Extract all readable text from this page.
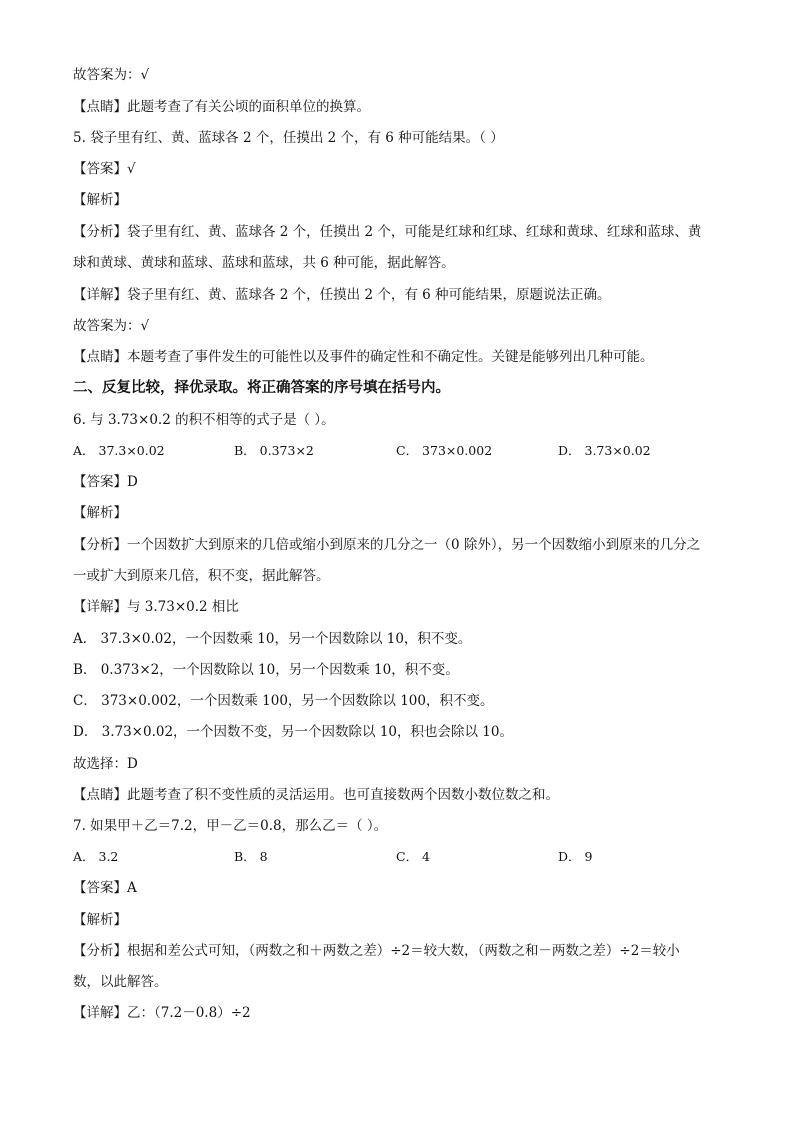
故答案为：√
【点睛】此题考查了有关公顷的面积单位的换算。
5. 袋子里有红、黄、蓝球各 2 个，任摸出 2 个，有 6 种可能结果。（ ）
【答案】√
【解析】
【分析】袋子里有红、黄、蓝球各 2 个，任摸出 2 个，可能是红球和红球、红球和黄球、红球和蓝球、黄
球和黄球、黄球和蓝球、蓝球和蓝球，共 6 种可能，据此解答。
【详解】袋子里有红、黄、蓝球各 2 个，任摸出 2 个，有 6 种可能结果，原题说法正确。
故答案为：√
【点睛】本题考查了事件发生的可能性以及事件的确定性和不确定性。关键是能够列出几种可能。
二、反复比较，择优录取。将正确答案的序号填在括号内。
6. 与 3.73×0.2 的积不相等的式子是（ ）。
A． 37.3×0.02	B． 0.373×2	C． 373×0.002	D． 3.73×0.02
【答案】D
【解析】
【分析】一个因数扩大到原来的几倍或缩小到原来的几分之一（0 除外），另一个因数缩小到原来的几分之
一或扩大到原来几倍，积不变，据此解答。
【详解】与 3.73×0.2 相比
A． 37.3×0.02，一个因数乘 10，另一个因数除以 10，积不变。
B． 0.373×2，一个因数除以 10，另一个因数乘 10，积不变。
C． 373×0.002，一个因数乘 100，另一个因数除以 100，积不变。
D． 3.73×0.02，一个因数不变，另一个因数除以 10，积也会除以 10。
故选择：D
【点睛】此题考查了积不变性质的灵活运用。也可直接数两个因数小数位数之和。
7. 如果甲＋乙＝7.2，甲－乙＝0.8，那么乙＝（ ）。
A． 3.2	B． 8	C． 4	D． 9
【答案】A
【解析】
【分析】根据和差公式可知，（两数之和＋两数之差）÷2＝较大数，（两数之和－两数之差）÷2＝较小
数，以此解答。
【详解】乙：（7.2－0.8）÷2
